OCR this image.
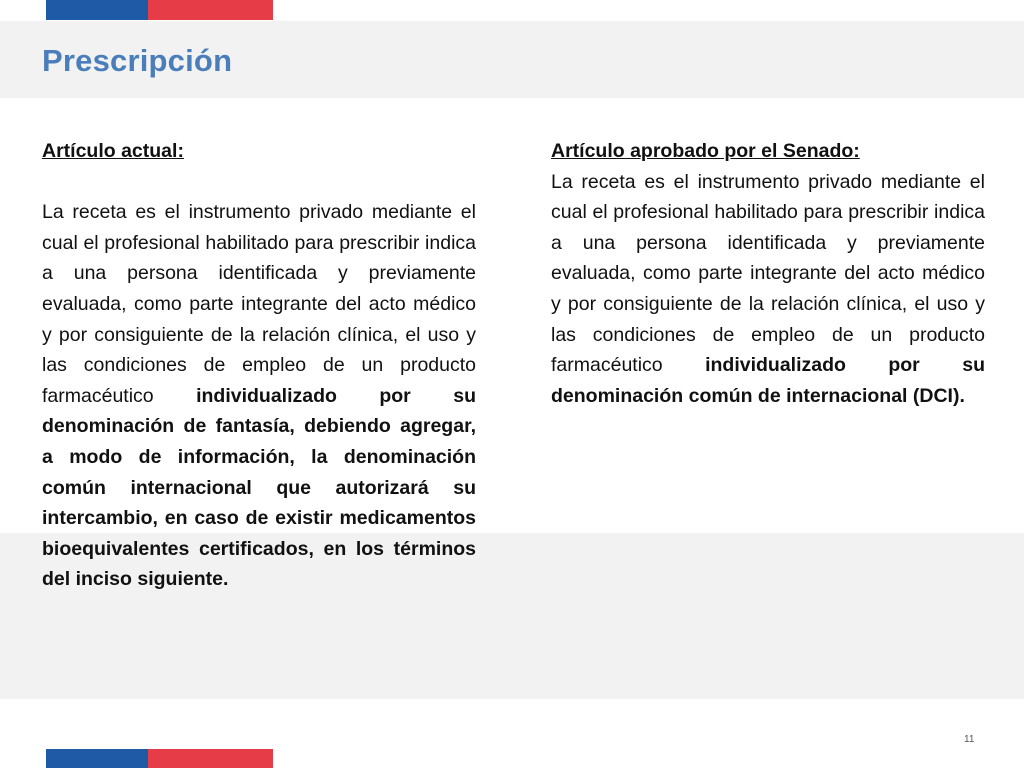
Prescripción
Artículo actual:

La receta es el instrumento privado mediante el cual el profesional habilitado para prescribir indica a una persona identificada y previamente evaluada, como parte integrante del acto médico y por consiguiente de la relación clínica, el uso y las condiciones de empleo de un producto farmacéutico individualizado por su denominación de fantasía, debiendo agregar, a modo de información, la denominación común internacional que autorizará su intercambio, en caso de existir medicamentos bioequivalentes certificados, en los términos del inciso siguiente.

Artículo aprobado por el Senado:

La receta es el instrumento privado mediante el cual el profesional habilitado para prescribir indica a una persona identificada y previamente evaluada, como parte integrante del acto médico y por consiguiente de la relación clínica, el uso y las condiciones de empleo de un producto farmacéutico individualizado por su denominación común de internacional (DCI).

11
